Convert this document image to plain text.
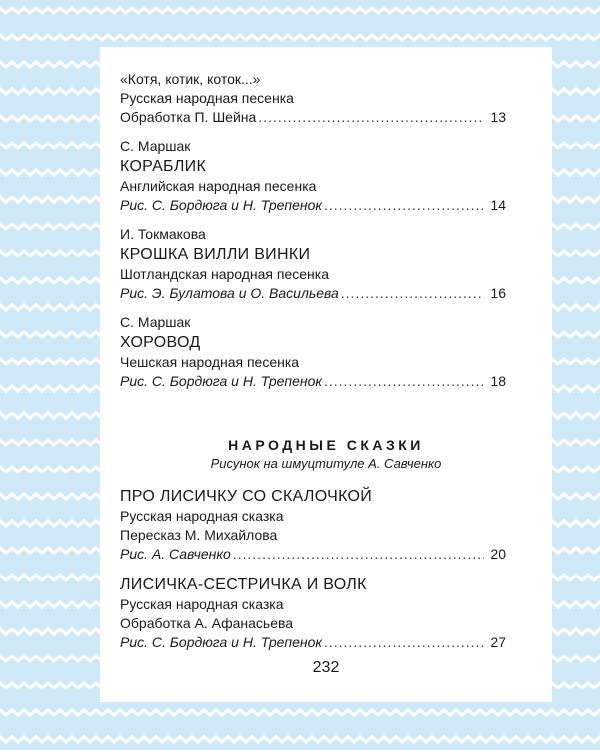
«Котя, котик, коток...»
Русская народная песенка
Обработка П. Шейна .....	13
С. Маршак
КОРАБЛИК
Английская народная песенка
Рис. С. Бордюга и Н. Трепенок .....	14
И. Токмакова
КРОШКА ВИЛЛИ ВИНКИ
Шотландская народная песенка
Рис. Э. Булатова и О. Васильева .....	16
С. Маршак
ХОРОВОД
Чешская народная песенка
Рис. С. Бордюга и Н. Трепенок .....	18
НАРОДНЫЕ СКАЗКИ
Рисунок на шмуцтитуле А. Савченко
ПРО ЛИСИЧКУ СО СКАЛОЧКОЙ
Русская народная сказка
Пересказ М. Михайлова
Рис. А. Савченко .....	20
ЛИСИЧКА-СЕСТРИЧКА И ВОЛК
Русская народная сказка
Обработка А. Афанасьева
Рис. С. Бордюга и Н. Трепенок .....	27
232
